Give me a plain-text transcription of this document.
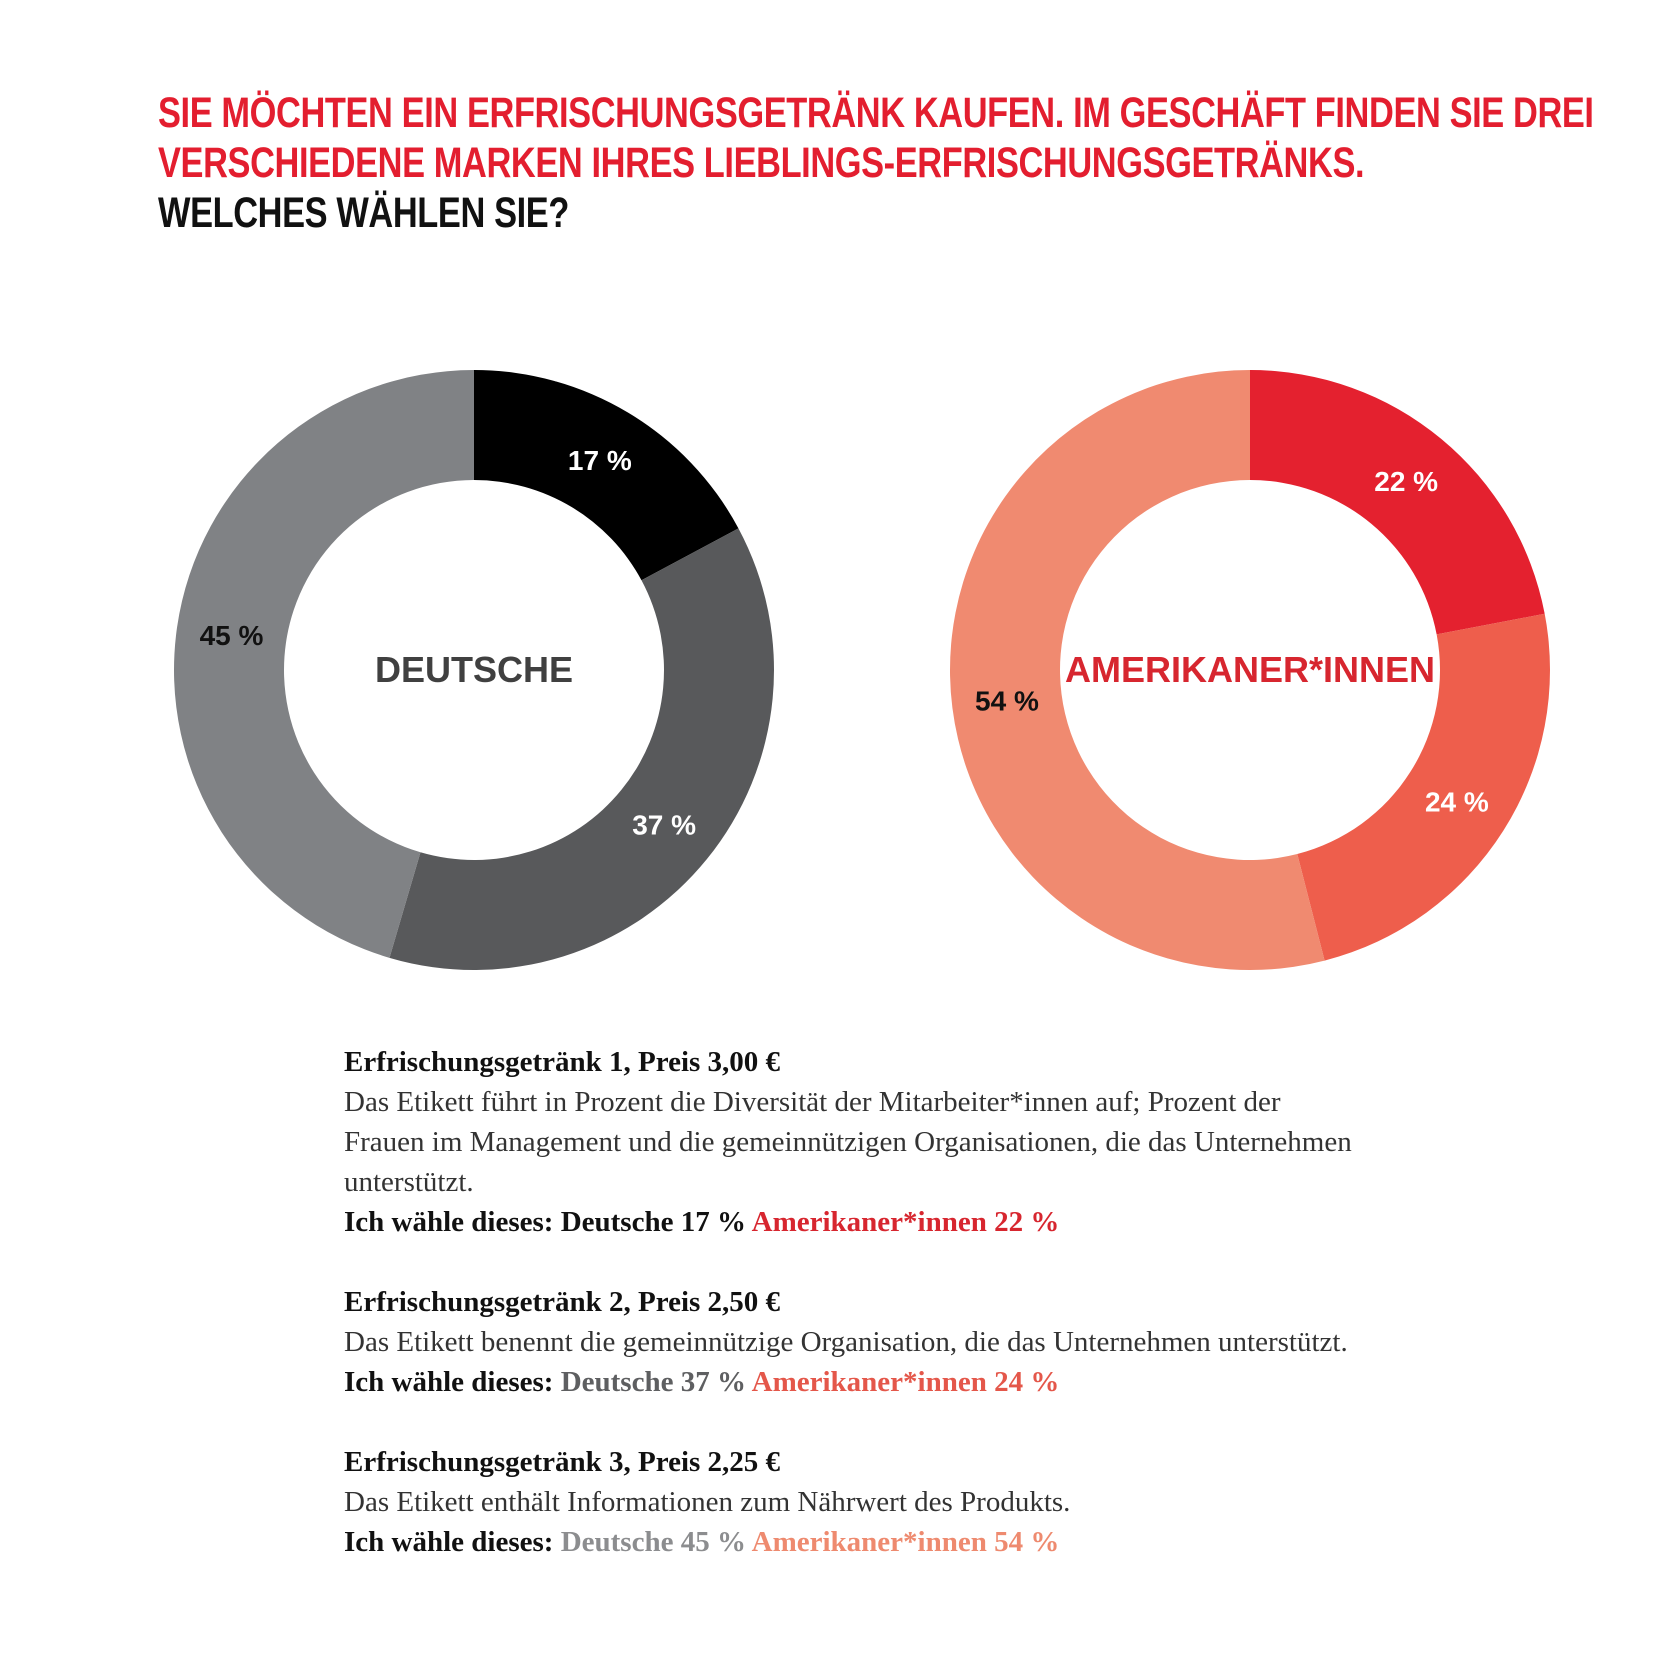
SIE MÖCHTEN EIN ERFRISCHUNGSGETRÄNK KAUFEN. IM GESCHÄFT FINDEN SIE DREI
VERSCHIEDENE MARKEN IHRES LIEBLINGS-ERFRISCHUNGSGETRÄNKS.
WELCHES WÄHLEN SIE?
17 %
37 %
45 %
DEUTSCHE
22 %
24 %
54 %
AMERIKANER*INNEN
Erfrischungsgetränk 1, Preis 3,00 €
Das Etikett führt in Prozent die Diversität der Mitarbeiter*innen auf; Prozent der Frauen im Management und die gemeinnützigen Organisationen, die das Unternehmen unterstützt.
Ich wähle dieses: Deutsche 17 % Amerikaner*innen 22 %
Erfrischungsgetränk 2, Preis 2,50 €
Das Etikett benennt die gemeinnützige Organisation, die das Unternehmen unterstützt.
Ich wähle dieses: Deutsche 37 % Amerikaner*innen 24 %
Erfrischungsgetränk 3, Preis 2,25 €
Das Etikett enthält Informationen zum Nährwert des Produkts.
Ich wähle dieses: Deutsche 45 % Amerikaner*innen 54 %
